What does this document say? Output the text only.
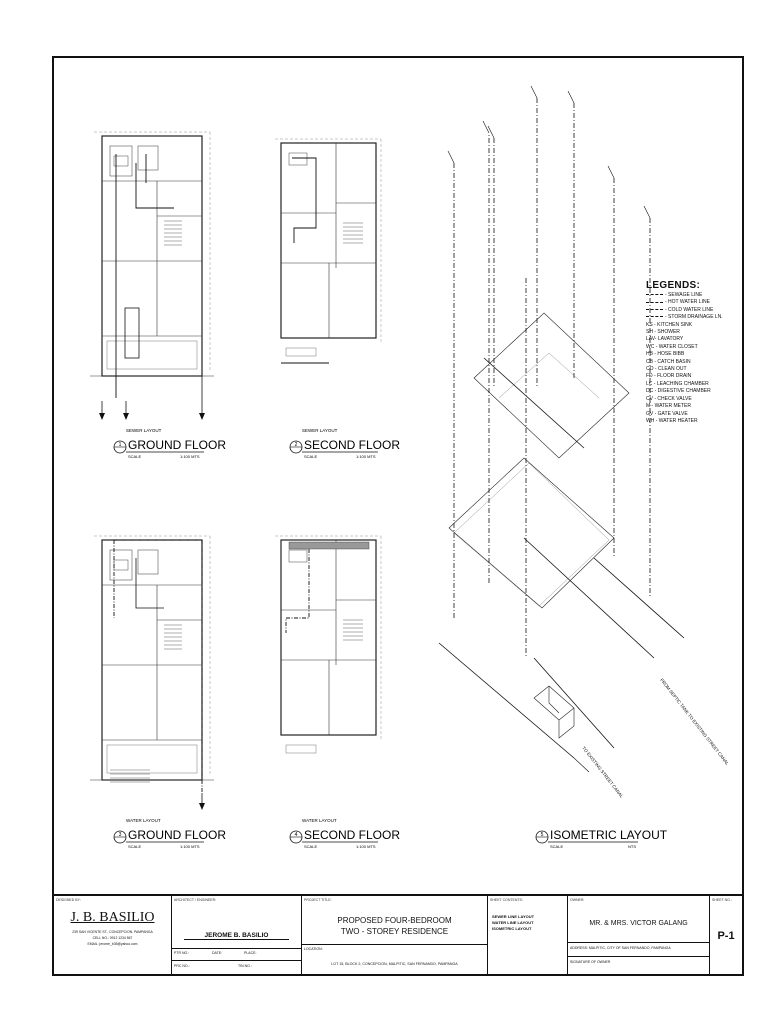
FROM SEPTIC TANK TO EXISTING STREET CANAL
TO EXISTING STREET CANAL
SEWER LAYOUT
1 GROUND FLOOR
SCALE	1:100 MTS
SEWER LAYOUT
2 SECOND FLOOR
SCALE	1:100 MTS
WATER LAYOUT
3 GROUND FLOOR
SCALE	1:100 MTS
WATER LAYOUT
4 SECOND FLOOR
SCALE	1:100 MTS
5 ISOMETRIC LAYOUT
SCALE	NTS
LEGENDS:
- SEWAGE LINE
- HOT WATER LINE
- COLD WATER LINE
- STORM DRAINAGE LN.
KS - KITCHEN SINK
SH - SHOWER
LAV- LAVATORY
WC - WATER CLOSET
HB - HOSE BIBB
CB - CATCH BASIN
CO - CLEAN OUT
FD - FLOOR DRAIN
LC - LEACHING CHAMBER
DC - DIGESTIVE CHAMBER
CV - CHECK VALVE
M - WATER METER
GV - GATE VALVE
WH - WATER HEATER
DESIGNED BY:
J. B. BASILIO
239 SAN VICENTE ST., CONCEPCION, PAMPANGA
CELL NO.: 0912 1234 567
EMAIL: jerome_b35@yahoo.com
ARCHITECT / ENGINEER:
JEROME B. BASILIO
PTR NO.:	DATE:	PLACE:
PRC NO.:	TIN NO.:
PROJECT TITLE:
PROPOSED FOUR-BEDROOM
TWO - STOREY RESIDENCE
LOCATION:
LOT 15, BLOCK 2, CONCEPCION, MALPITIC, SAN FERNANDO, PAMPANGA
SHEET CONTENTS:
SEWER LINE LAYOUT
WATER LINE LAYOUT
ISOMETRIC LAYOUT
OWNER:
MR. & MRS. VICTOR GALANG
ADDRESS: MALPITIC, CITY OF SAN FERNANDO, PAMPANGA
SIGNATURE OF OWNER
SHEET NO.:
P-1
